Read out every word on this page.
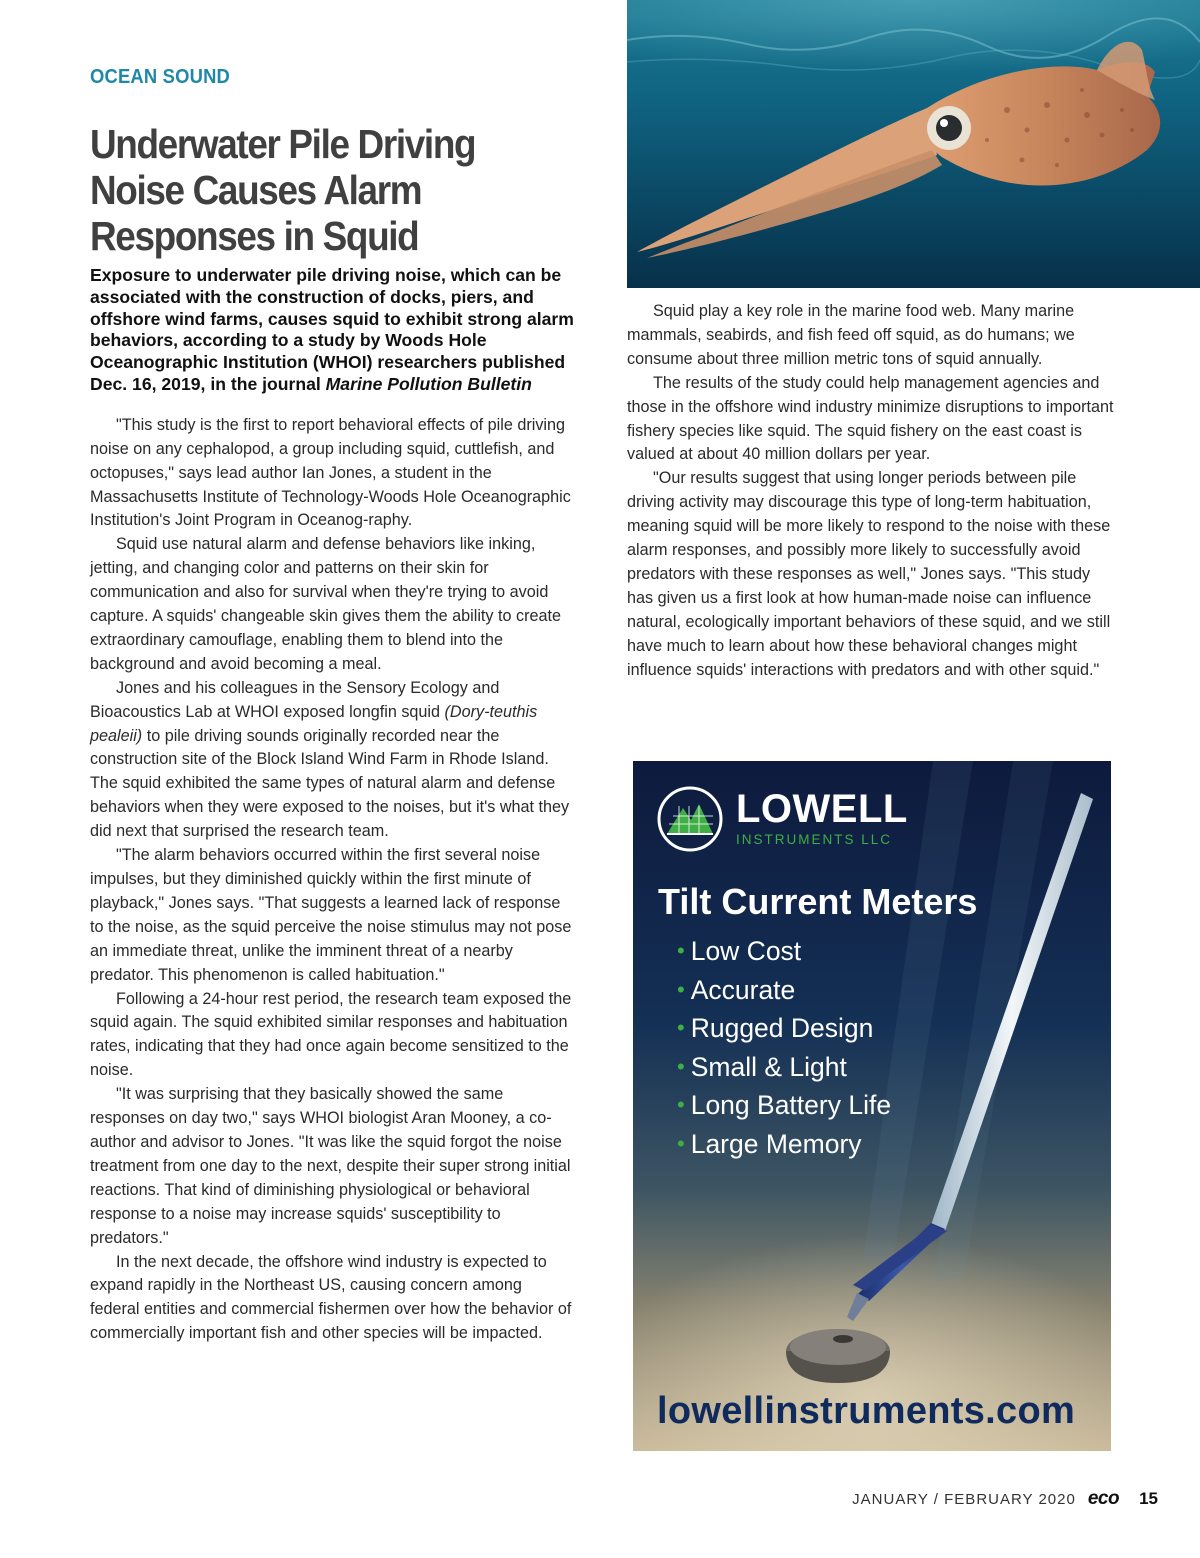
OCEAN SOUND
Underwater Pile Driving Noise Causes Alarm Responses in Squid

Exposure to underwater pile driving noise, which can be associated with the construction of docks, piers, and offshore wind farms, causes squid to exhibit strong alarm behaviors, according to a study by Woods Hole Oceanographic Institution (WHOI) researchers published Dec. 16, 2019, in the journal Marine Pollution Bulletin

"This study is the first to report behavioral effects of pile driving noise on any cephalopod, a group including squid, cuttlefish, and octopuses," says lead author Ian Jones, a student in the Massachusetts Institute of Technology-Woods Hole Oceanographic Institution's Joint Program in Oceanog-raphy.

Squid use natural alarm and defense behaviors like inking, jetting, and changing color and patterns on their skin for communication and also for survival when they're trying to avoid capture. A squids' changeable skin gives them the ability to create extraordinary camouflage, enabling them to blend into the background and avoid becoming a meal.

Jones and his colleagues in the Sensory Ecology and Bioacoustics Lab at WHOI exposed longfin squid (Dory-teuthis pealeii) to pile driving sounds originally recorded near the construction site of the Block Island Wind Farm in Rhode Island. The squid exhibited the same types of natural alarm and defense behaviors when they were exposed to the noises, but it's what they did next that surprised the research team.

"The alarm behaviors occurred within the first several noise impulses, but they diminished quickly within the first minute of playback," Jones says. "That suggests a learned lack of response to the noise, as the squid perceive the noise stimulus may not pose an immediate threat, unlike the imminent threat of a nearby predator. This phenomenon is called habituation."

Following a 24-hour rest period, the research team exposed the squid again. The squid exhibited similar responses and habituation rates, indicating that they had once again become sensitized to the noise.

"It was surprising that they basically showed the same responses on day two," says WHOI biologist Aran Mooney, a co-author and advisor to Jones. "It was like the squid forgot the noise treatment from one day to the next, despite their super strong initial reactions. That kind of diminishing physiological or behavioral response to a noise may increase squids' susceptibility to predators."

In the next decade, the offshore wind industry is expected to expand rapidly in the Northeast US, causing concern among federal entities and commercial fishermen over how the behavior of commercially important fish and other species will be impacted.

Squid play a key role in the marine food web. Many marine mammals, seabirds, and fish feed off squid, as do humans; we consume about three million metric tons of squid annually.

The results of the study could help management agencies and those in the offshore wind industry minimize disruptions to important fishery species like squid. The squid fishery on the east coast is valued at about 40 million dollars per year.

"Our results suggest that using longer periods between pile driving activity may discourage this type of long-term habituation, meaning squid will be more likely to respond to the noise with these alarm responses, and possibly more likely to successfully avoid predators with these responses as well," Jones says. "This study has given us a first look at how human-made noise can influence natural, ecologically important behaviors of these squid, and we still have much to learn about how these behavioral changes might influence squids' interactions with predators and with other squid."

LOWELL
INSTRUMENTS LLC
Tilt Current Meters
• Low Cost
• Accurate
• Rugged Design
• Small & Light
• Long Battery Life
• Large Memory
lowellinstruments.com
JANUARY / FEBRUARY 2020 eco 15
